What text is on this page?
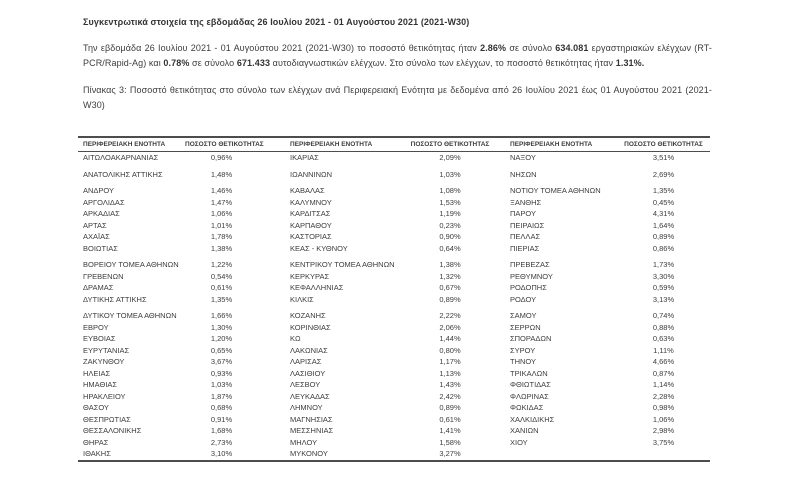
Συγκεντρωτικά στοιχεία της εβδομάδας 26 Ιουλίου 2021 - 01 Αυγούστου 2021 (2021-W30)

Την εβδομάδα 26 Ιουλίου 2021 - 01 Αυγούστου 2021 (2021-W30) το ποσοστό θετικότητας ήταν 2.86% σε σύνολο 634.081 εργαστηριακών ελέγχων (RT-PCR/Rapid-Ag) και 0.78% σε σύνολο 671.433 αυτοδιαγνωστικών ελέγχων. Στο σύνολο των ελέγχων, το ποσοστό θετικότητας ήταν 1.31%.

Πίνακας 3: Ποσοστό θετικότητας στο σύνολο των ελέγχων ανά Περιφερειακή Ενότητα με δεδομένα από 26 Ιουλίου 2021 έως 01 Αυγούστου 2021 (2021-W30)

ΠΕΡΙΦΕΡΕΙΑΚΗ ΕΝΟΤΗΤΑ	ΠΟΣΟΣΤΟ ΘΕΤΙΚΟΤΗΤΑΣ	ΠΕΡΙΦΕΡΕΙΑΚΗ ΕΝΟΤΗΤΑ	ΠΟΣΟΣΤΟ ΘΕΤΙΚΟΤΗΤΑΣ	ΠΕΡΙΦΕΡΕΙΑΚΗ ΕΝΟΤΗΤΑ	ΠΟΣΟΣΤΟ ΘΕΤΙΚΟΤΗΤΑΣ
ΑΙΤΩΛΟΑΚΑΡΝΑΝΙΑΣ	0,96%	ΙΚΑΡΙΑΣ	2,09%	ΝΑΞΟΥ	3,51%
ΑΝΑΤΟΛΙΚΗΣ ΑΤΤΙΚΗΣ	1,48%	ΙΩΑΝΝΙΝΩΝ	1,03%	ΝΗΣΩΝ	2,69%
ΑΝΔΡΟΥ	1,46%	ΚΑΒΑΛΑΣ	1,08%	ΝΟΤΙΟΥ ΤΟΜΕΑ ΑΘΗΝΩΝ	1,35%
ΑΡΓΟΛΙΔΑΣ	1,47%	ΚΑΛΥΜΝΟΥ	1,53%	ΞΑΝΘΗΣ	0,45%
ΑΡΚΑΔΙΑΣ	1,06%	ΚΑΡΔΙΤΣΑΣ	1,19%	ΠΑΡΟΥ	4,31%
ΑΡΤΑΣ	1,01%	ΚΑΡΠΑΘΟΥ	0,23%	ΠΕΙΡΑΙΩΣ	1,64%
ΑΧΑΪΑΣ	1,78%	ΚΑΣΤΟΡΙΑΣ	0,90%	ΠΕΛΛΑΣ	0,89%
ΒΟΙΩΤΙΑΣ	1,38%	ΚΕΑΣ - ΚΥΘΝΟΥ	0,64%	ΠΙΕΡΙΑΣ	0,86%
ΒΟΡΕΙΟΥ ΤΟΜΕΑ ΑΘΗΝΩΝ	1,22%	ΚΕΝΤΡΙΚΟΥ ΤΟΜΕΑ ΑΘΗΝΩΝ	1,38%	ΠΡΕΒΕΖΑΣ	1,73%
ΓΡΕΒΕΝΩΝ	0,54%	ΚΕΡΚΥΡΑΣ	1,32%	ΡΕΘΥΜΝΟΥ	3,30%
ΔΡΑΜΑΣ	0,61%	ΚΕΦΑΛΛΗΝΙΑΣ	0,67%	ΡΟΔΟΠΗΣ	0,59%
ΔΥΤΙΚΗΣ ΑΤΤΙΚΗΣ	1,35%	ΚΙΛΚΙΣ	0,89%	ΡΟΔΟΥ	3,13%
ΔΥΤΙΚΟΥ ΤΟΜΕΑ ΑΘΗΝΩΝ	1,66%	ΚΟΖΑΝΗΣ	2,22%	ΣΑΜΟΥ	0,74%
ΕΒΡΟΥ	1,30%	ΚΟΡΙΝΘΙΑΣ	2,06%	ΣΕΡΡΩΝ	0,88%
ΕΥΒΟΙΑΣ	1,20%	ΚΩ	1,44%	ΣΠΟΡΑΔΩΝ	0,63%
ΕΥΡΥΤΑΝΙΑΣ	0,65%	ΛΑΚΩΝΙΑΣ	0,80%	ΣΥΡΟΥ	1,11%
ΖΑΚΥΝΘΟΥ	3,67%	ΛΑΡΙΣΑΣ	1,17%	ΤΗΝΟΥ	4,66%
ΗΛΕΙΑΣ	0,93%	ΛΑΣΙΘΙΟΥ	1,13%	ΤΡΙΚΑΛΩΝ	0,87%
ΗΜΑΘΙΑΣ	1,03%	ΛΕΣΒΟΥ	1,43%	ΦΘΙΩΤΙΔΑΣ	1,14%
ΗΡΑΚΛΕΙΟΥ	1,87%	ΛΕΥΚΑΔΑΣ	2,42%	ΦΛΩΡΙΝΑΣ	2,28%
ΘΑΣΟΥ	0,68%	ΛΗΜΝΟΥ	0,89%	ΦΩΚΙΔΑΣ	0,98%
ΘΕΣΠΡΩΤΙΑΣ	0,91%	ΜΑΓΝΗΣΙΑΣ	0,61%	ΧΑΛΚΙΔΙΚΗΣ	1,06%
ΘΕΣΣΑΛΟΝΙΚΗΣ	1,68%	ΜΕΣΣΗΝΙΑΣ	1,41%	ΧΑΝΙΩΝ	2,98%
ΘΗΡΑΣ	2,73%	ΜΗΛΟΥ	1,58%	ΧΙΟΥ	3,75%
ΙΘΑΚΗΣ	3,10%	ΜΥΚΟΝΟΥ	3,27%		
